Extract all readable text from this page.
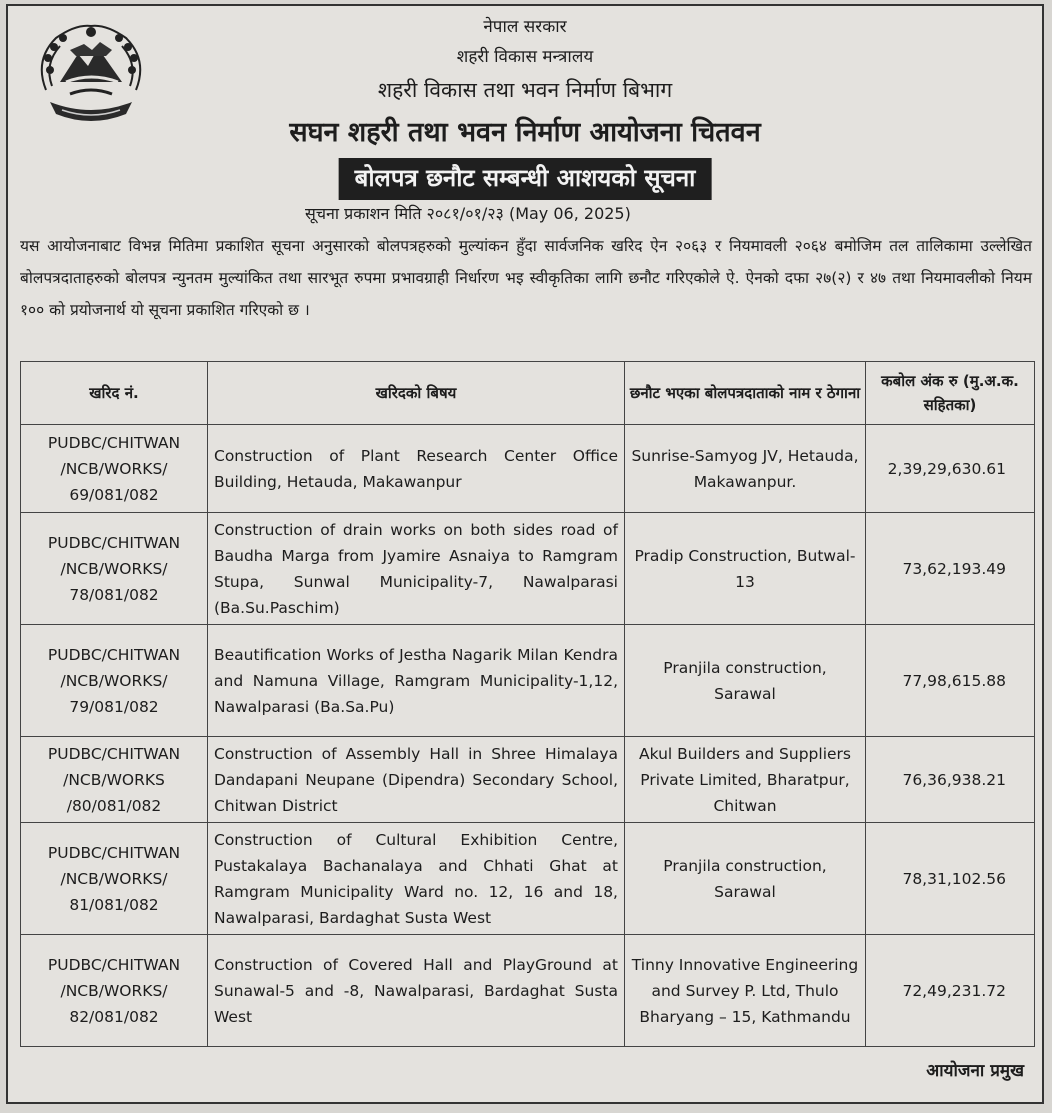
नेपाल सरकार
शहरी विकास मन्त्रालय
शहरी विकास तथा भवन निर्माण बिभाग
सघन शहरी तथा भवन निर्माण आयोजना चितवन
बोलपत्र छनौट सम्बन्धी आशयको सूचना
सूचना प्रकाशन मिति २०८१/०१/२३ (May 06, 2025)
यस आयोजनाबाट विभन्न मितिमा प्रकाशित सूचना अनुसारको बोलपत्रहरुको मुल्यांकन हुँदा सार्वजनिक खरिद ऐन २०६३ र नियमावली २०६४ बमोजिम तल तालिकामा उल्लेखित बोलपत्रदाताहरुको बोलपत्र न्युनतम मुल्यांकित तथा सारभूत रुपमा प्रभावग्राही निर्धारण भइ स्वीकृतिका लागि छनौट गरिएकोले ऐ. ऐनको दफा २७(२) र ४७ तथा नियमावलीको नियम १०० को प्रयोजनार्थ यो सूचना प्रकाशित गरिएको छ ।
खरिद नं.	खरिदको बिषय	छनौट भएका बोलपत्रदाताको नाम र ठेगाना	कबोल अंक रु (मु.अ.क. सहितका)
PUDBC/CHITWAN /NCB/WORKS/ 69/081/082	Construction of Plant Research Center Office Building, Hetauda, Makawanpur	Sunrise-Samyog JV, Hetauda, Makawanpur.	2,39,29,630.61
PUDBC/CHITWAN /NCB/WORKS/ 78/081/082	Construction of drain works on both sides road of Baudha Marga from Jyamire Asnaiya to Ramgram Stupa, Sunwal Municipality-7, Nawalparasi (Ba.Su.Paschim)	Pradip Construction, Butwal-13	73,62,193.49
PUDBC/CHITWAN /NCB/WORKS/ 79/081/082	Beautification Works of Jestha Nagarik Milan Kendra and Namuna Village, Ramgram Municipality-1,12, Nawalparasi (Ba.Sa.Pu)	Pranjila construction, Sarawal	77,98,615.88
PUDBC/CHITWAN /NCB/WORKS /80/081/082	Construction of Assembly Hall in Shree Himalaya Dandapani Neupane (Dipendra) Secondary School, Chitwan District	Akul Builders and Suppliers Private Limited, Bharatpur, Chitwan	76,36,938.21
PUDBC/CHITWAN /NCB/WORKS/ 81/081/082	Construction of Cultural Exhibition Centre, Pustakalaya Bachanalaya and Chhati Ghat at Ramgram Municipality Ward no. 12, 16 and 18, Nawalparasi, Bardaghat Susta West	Pranjila construction, Sarawal	78,31,102.56
PUDBC/CHITWAN /NCB/WORKS/ 82/081/082	Construction of Covered Hall and PlayGround at Sunawal-5 and -8, Nawalparasi, Bardaghat Susta West	Tinny Innovative Engineering and Survey P. Ltd, Thulo Bharyang – 15, Kathmandu	72,49,231.72
आयोजना प्रमुख
